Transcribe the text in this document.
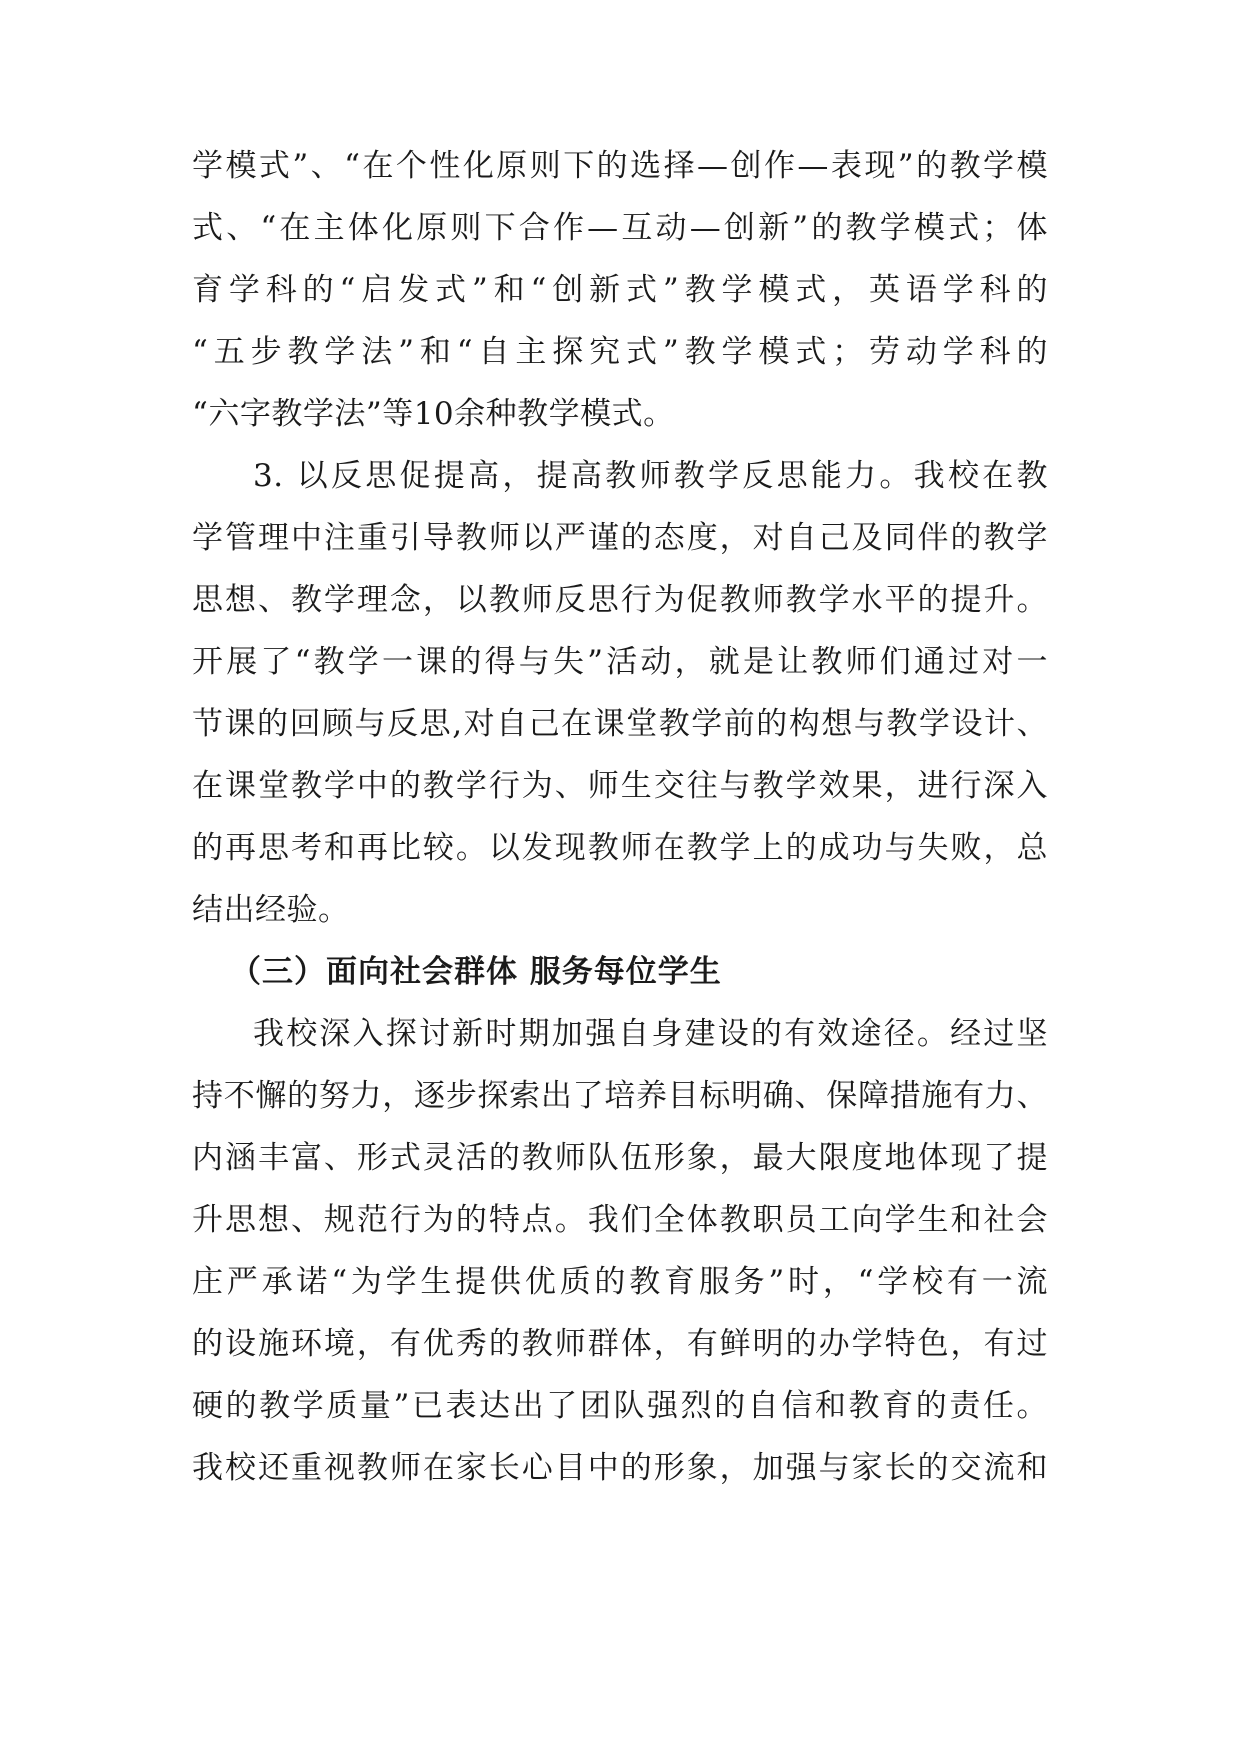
学模式”、“在个性化原则下的选择—创作—表现”的教学模
式、“在主体化原则下合作—互动—创新”的教学模式；体
育学科的“启发式”和“创新式”教学模式，英语学科的
“五步教学法”和“自主探究式”教学模式；劳动学科的
“六字教学法”等10余种教学模式。
3. 以反思促提高，提高教师教学反思能力。我校在教
学管理中注重引导教师以严谨的态度，对自己及同伴的教学
思想、教学理念，以教师反思行为促教师教学水平的提升。
开展了“教学一课的得与失”活动，就是让教师们通过对一
节课的回顾与反思,对自己在课堂教学前的构想与教学设计、
在课堂教学中的教学行为、师生交往与教学效果，进行深入
的再思考和再比较。以发现教师在教学上的成功与失败，总
结出经验。
（三）面向社会群体 服务每位学生
我校深入探讨新时期加强自身建设的有效途径。经过坚
持不懈的努力，逐步探索出了培养目标明确、保障措施有力、
内涵丰富、形式灵活的教师队伍形象，最大限度地体现了提
升思想、规范行为的特点。我们全体教职员工向学生和社会
庄严承诺“为学生提供优质的教育服务”时，“学校有一流
的设施环境，有优秀的教师群体，有鲜明的办学特色，有过
硬的教学质量”已表达出了团队强烈的自信和教育的责任。
我校还重视教师在家长心目中的形象，加强与家长的交流和
